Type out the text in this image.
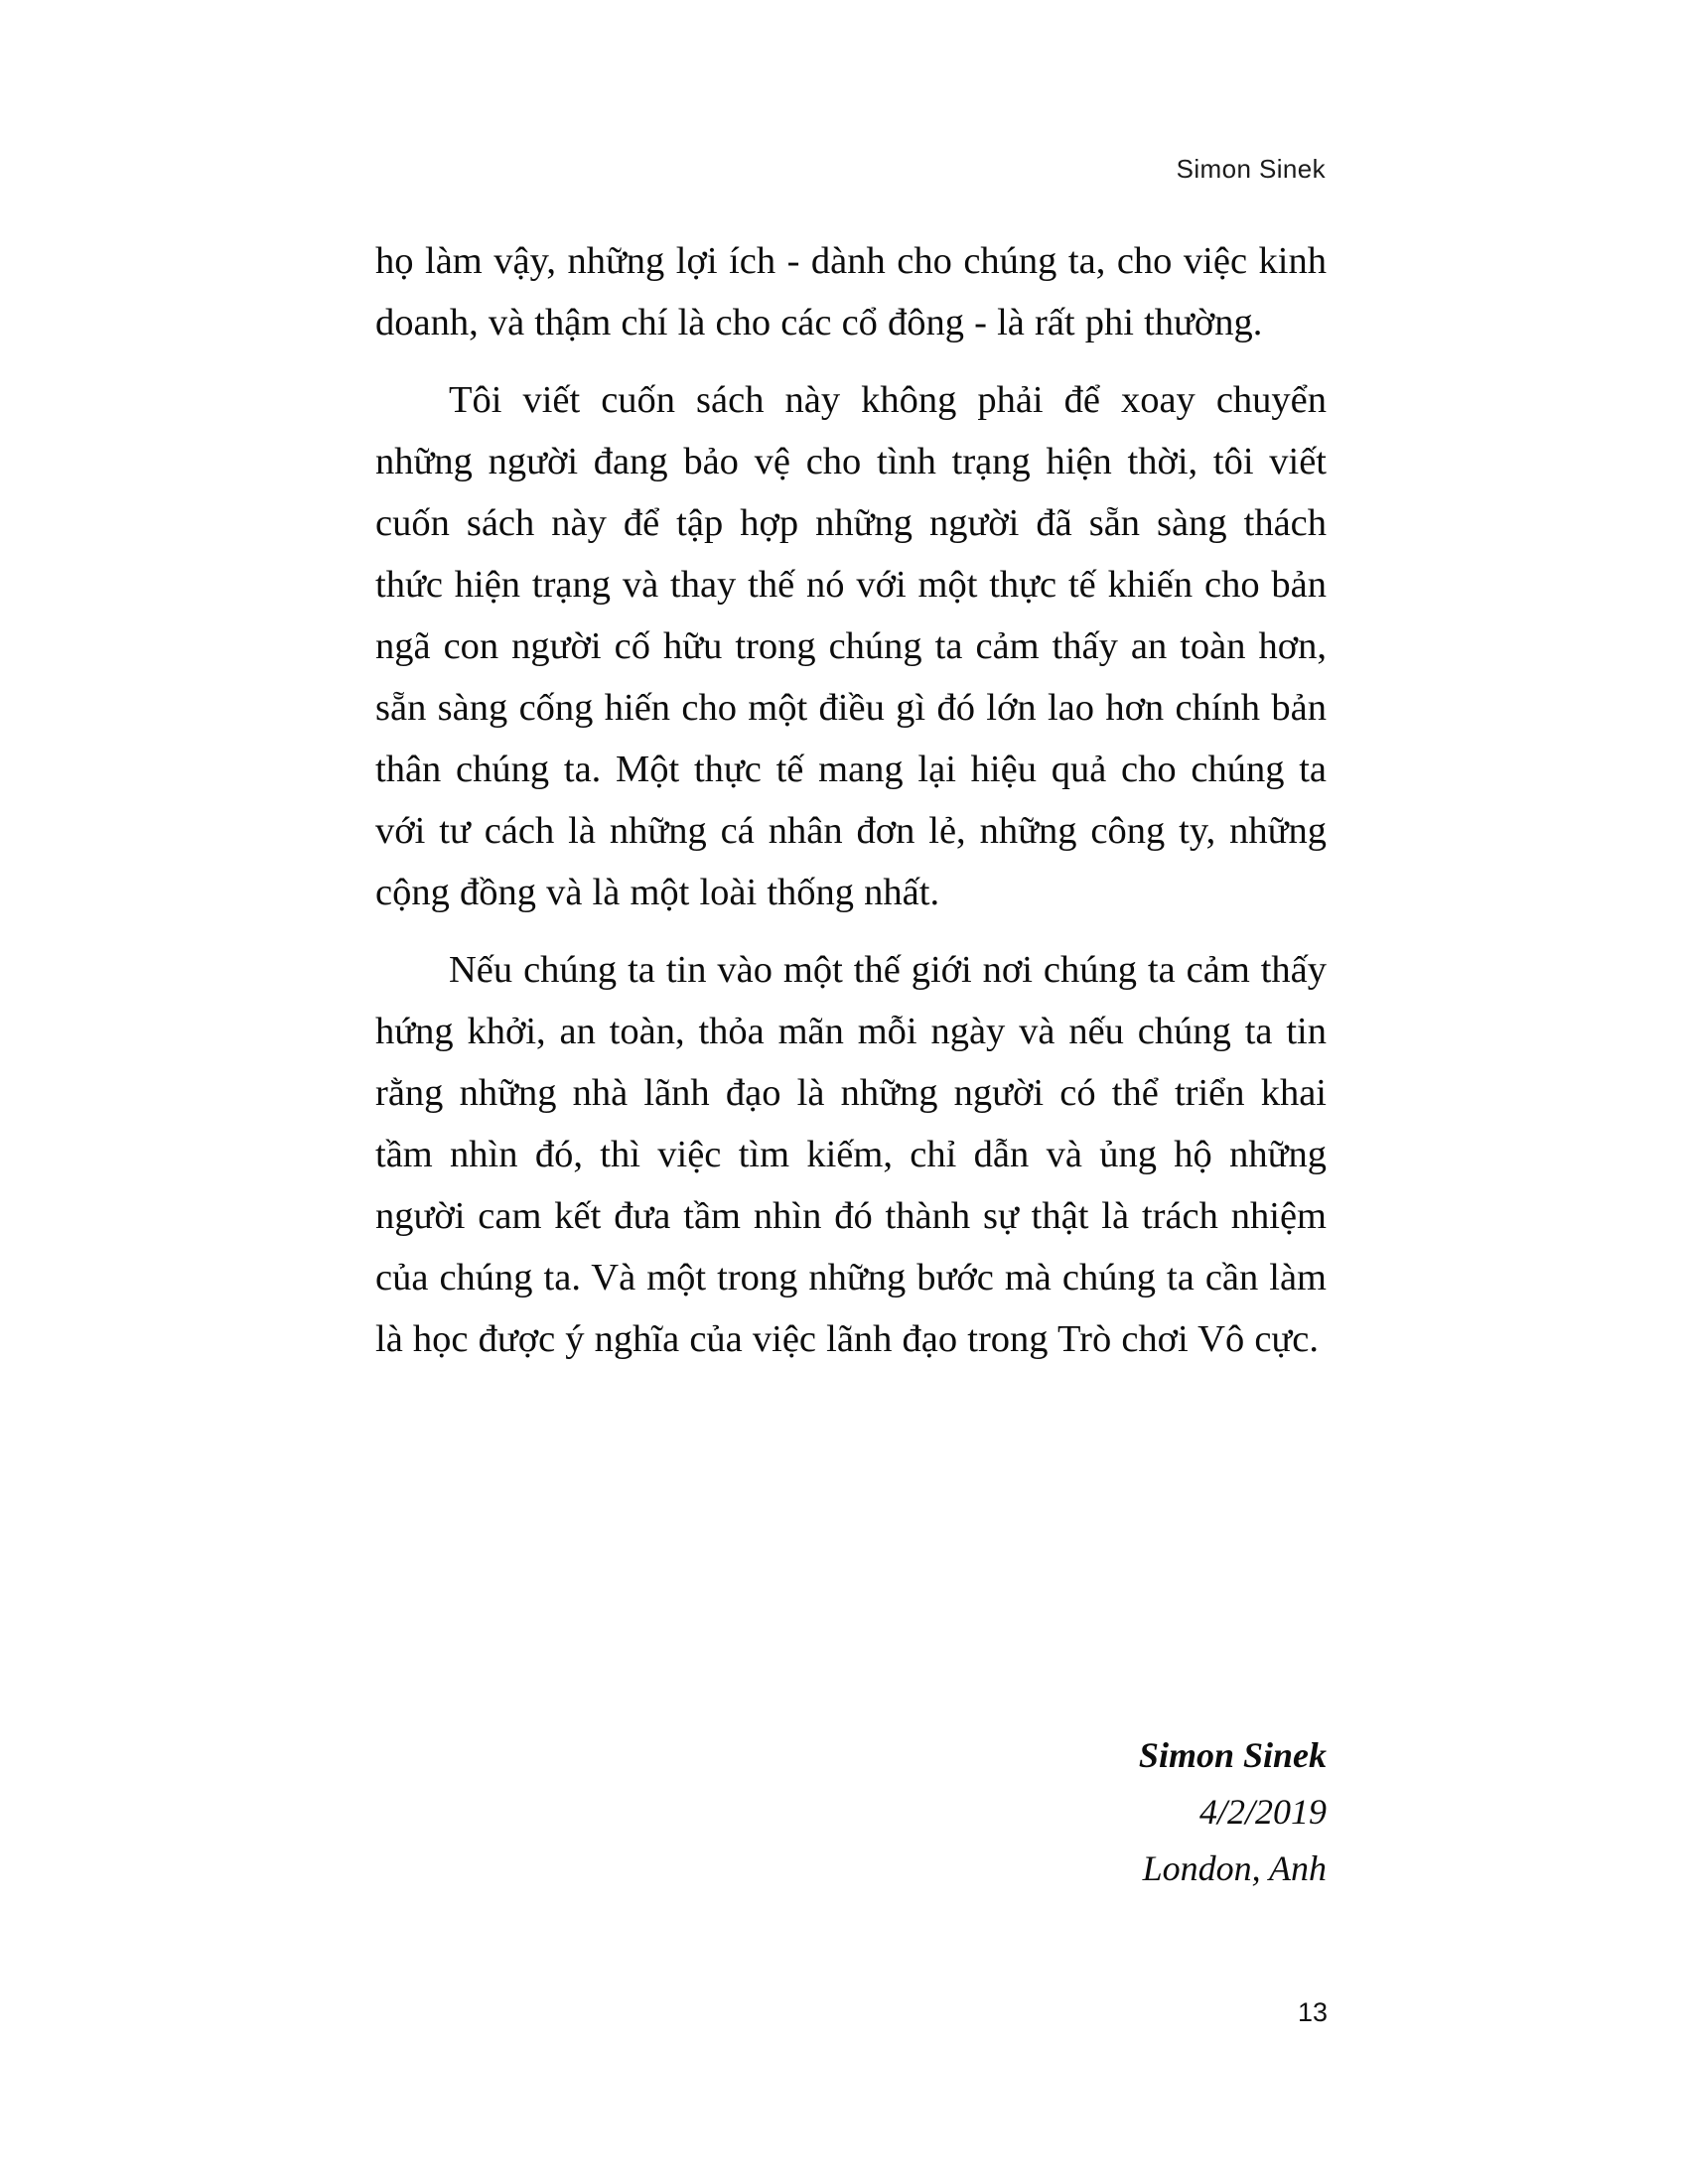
Simon Sinek

họ làm vậy, những lợi ích - dành cho chúng ta, cho việc kinh doanh, và thậm chí là cho các cổ đông - là rất phi thường.

Tôi viết cuốn sách này không phải để xoay chuyển những người đang bảo vệ cho tình trạng hiện thời, tôi viết cuốn sách này để tập hợp những người đã sẵn sàng thách thức hiện trạng và thay thế nó với một thực tế khiến cho bản ngã con người cố hữu trong chúng ta cảm thấy an toàn hơn, sẵn sàng cống hiến cho một điều gì đó lớn lao hơn chính bản thân chúng ta. Một thực tế mang lại hiệu quả cho chúng ta với tư cách là những cá nhân đơn lẻ, những công ty, những cộng đồng và là một loài thống nhất.

Nếu chúng ta tin vào một thế giới nơi chúng ta cảm thấy hứng khởi, an toàn, thỏa mãn mỗi ngày và nếu chúng ta tin rằng những nhà lãnh đạo là những người có thể triển khai tầm nhìn đó, thì việc tìm kiếm, chỉ dẫn và ủng hộ những người cam kết đưa tầm nhìn đó thành sự thật là trách nhiệm của chúng ta. Và một trong những bước mà chúng ta cần làm là học được ý nghĩa của việc lãnh đạo trong Trò chơi Vô cực.

Simon Sinek
4/2/2019
London, Anh
13
